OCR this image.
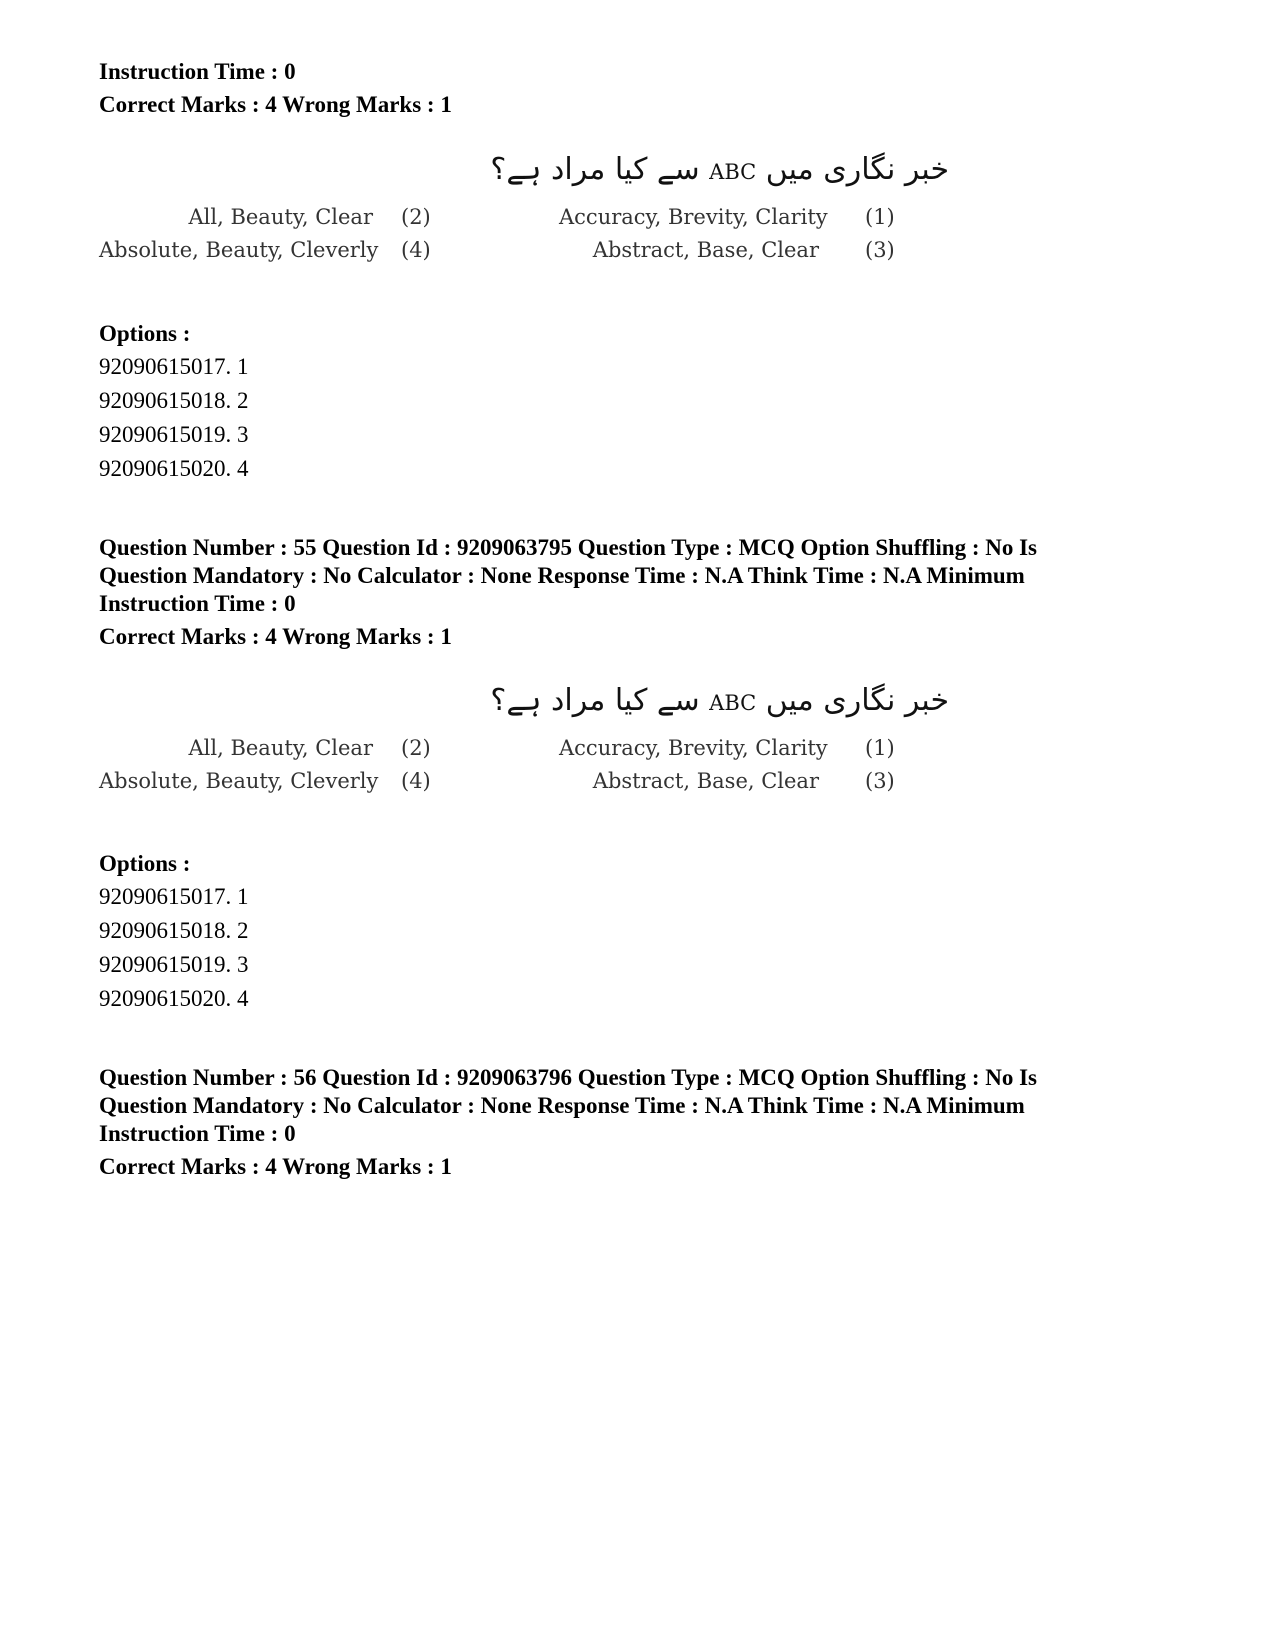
Instruction Time : 0
Correct Marks : 4 Wrong Marks : 1
خبر نگاری میں ABC سے کیا مراد ہے؟
(1)
Accuracy, Brevity, Clarity
(2)
All, Beauty, Clear
(3)
Abstract, Base, Clear
(4)
Absolute, Beauty, Cleverly
Options :
92090615017. 1
92090615018. 2
92090615019. 3
92090615020. 4
Question Number : 55 Question Id : 9209063795 Question Type : MCQ Option Shuffling : No Is
Question Mandatory : No Calculator : None Response Time : N.A Think Time : N.A Minimum
Instruction Time : 0
Correct Marks : 4 Wrong Marks : 1
خبر نگاری میں ABC سے کیا مراد ہے؟
(1)
Accuracy, Brevity, Clarity
(2)
All, Beauty, Clear
(3)
Abstract, Base, Clear
(4)
Absolute, Beauty, Cleverly
Options :
92090615017. 1
92090615018. 2
92090615019. 3
92090615020. 4
Question Number : 56 Question Id : 9209063796 Question Type : MCQ Option Shuffling : No Is
Question Mandatory : No Calculator : None Response Time : N.A Think Time : N.A Minimum
Instruction Time : 0
Correct Marks : 4 Wrong Marks : 1
